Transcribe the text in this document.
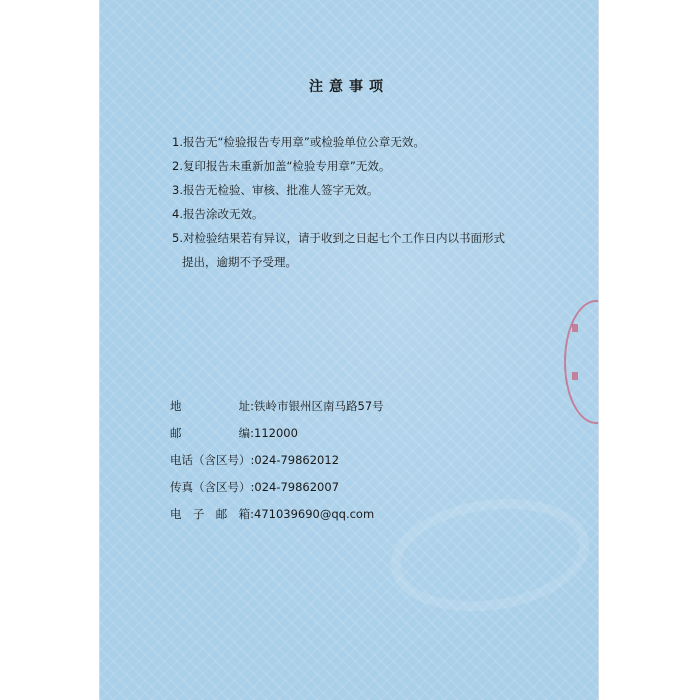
注意事项
1.报告无“检验报告专用章”或检验单位公章无效。
2.复印报告未重新加盖“检验专用章”无效。
3.报告无检验、审核、批准人签字无效。
4.报告涂改无效。
5.对检验结果若有异议，请于收到之日起七个工作日内以书面形式
提出，逾期不予受理。
地	址: 铁岭市银州区南马路57号
邮	编: 112000
电话（含区号）: 024-79862012
传真（含区号）: 024-79862007
电 子 邮 箱: 471039690@qq.com
